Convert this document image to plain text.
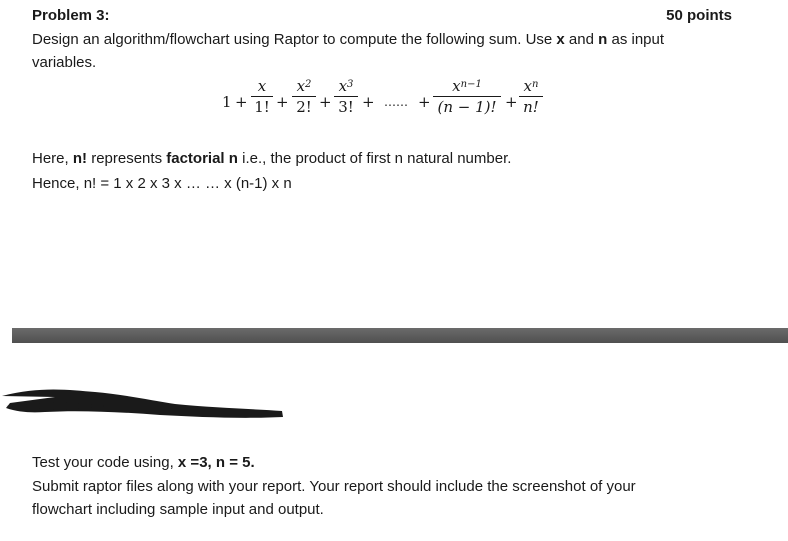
Problem 3:	50 points
Design an algorithm/flowchart using Raptor to compute the following sum. Use x and n as input
variables.
1 +
x
1! +
$x^2$
2! +
$x^3$
3! + …… +
$x^{n-1}$
(n − 1)! +
$x^n$
n!
Here, n! represents factorial n i.e., the product of first n natural number.
Hence, n! = 1 x 2 x 3 x … … x (n-1) x n
Test your code using, x =3, n = 5.
Submit raptor files along with your report. Your report should include the screenshot of your
flowchart including sample input and output.
